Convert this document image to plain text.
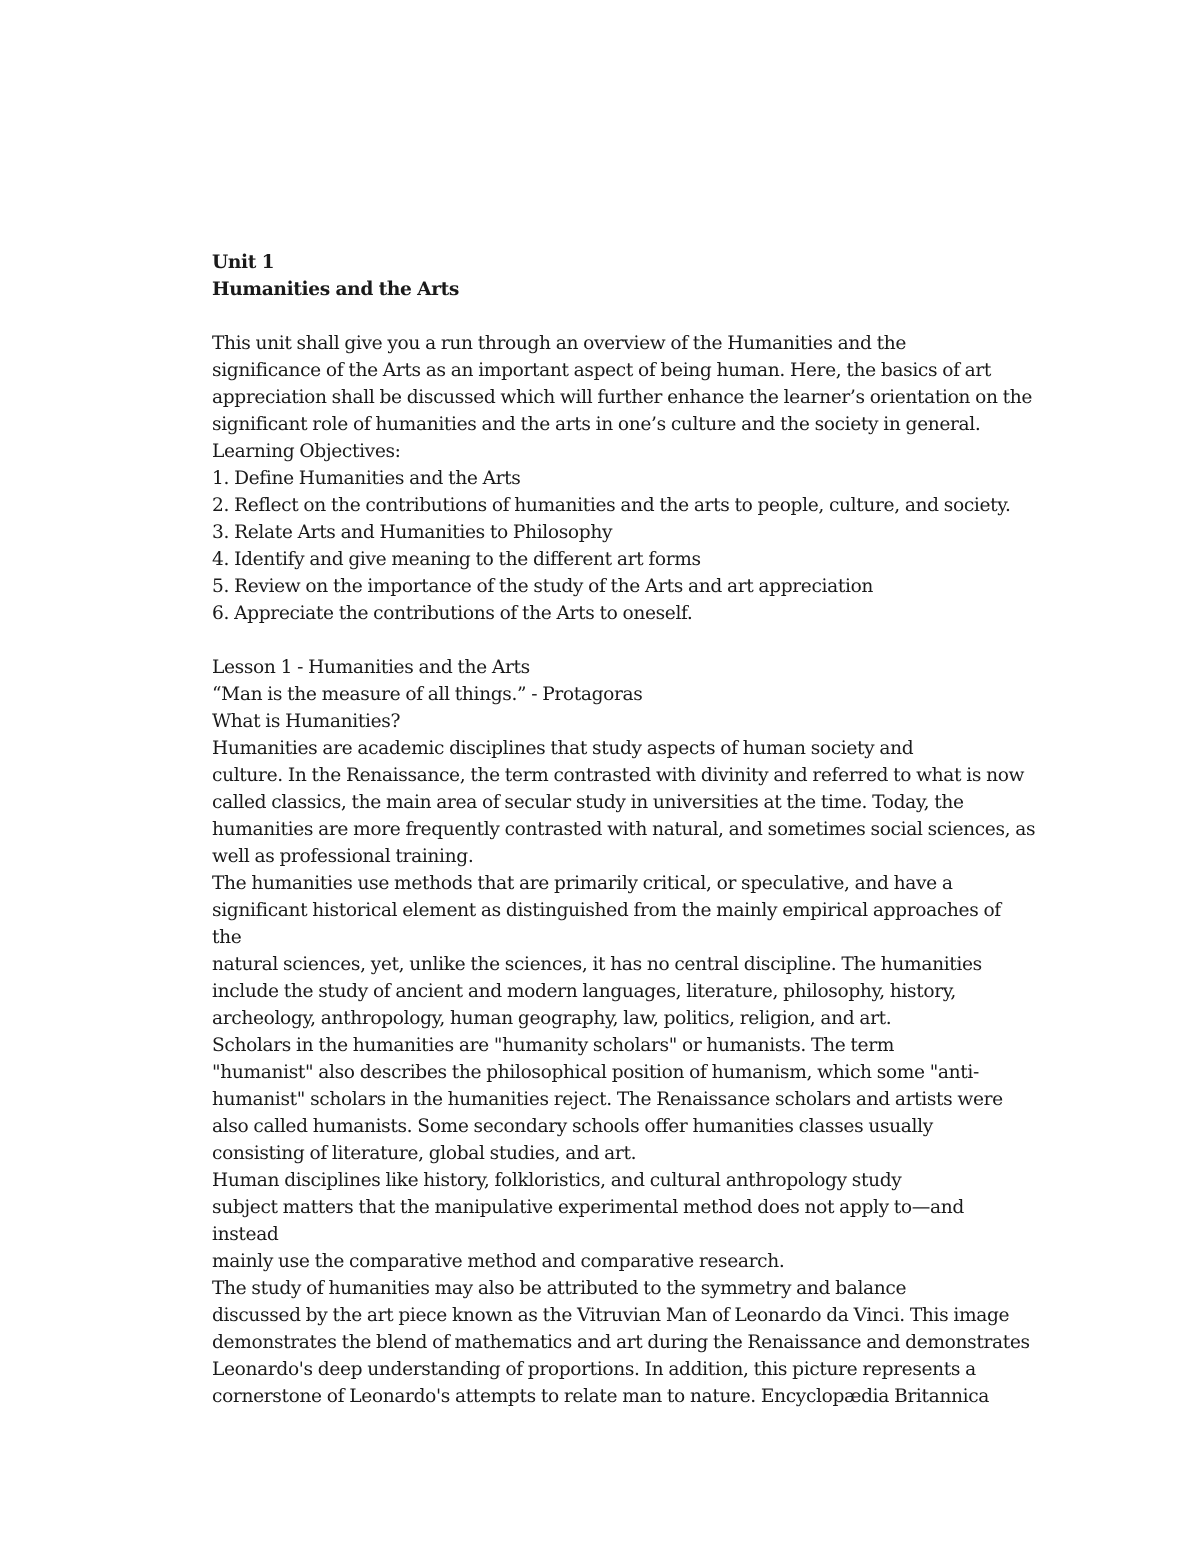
Unit 1
Humanities and the Arts
This unit shall give you a run through an overview of the Humanities and the
significance of the Arts as an important aspect of being human. Here, the basics of art
appreciation shall be discussed which will further enhance the learner’s orientation on the
significant role of humanities and the arts in one’s culture and the society in general.
Learning Objectives:
1. Define Humanities and the Arts
2. Reflect on the contributions of humanities and the arts to people, culture, and society.
3. Relate Arts and Humanities to Philosophy
4. Identify and give meaning to the different art forms
5. Review on the importance of the study of the Arts and art appreciation
6. Appreciate the contributions of the Arts to oneself.
Lesson 1 - Humanities and the Arts
“Man is the measure of all things.” - Protagoras
What is Humanities?
Humanities are academic disciplines that study aspects of human society and
culture. In the Renaissance, the term contrasted with divinity and referred to what is now
called classics, the main area of secular study in universities at the time. Today, the
humanities are more frequently contrasted with natural, and sometimes social sciences, as
well as professional training.
The humanities use methods that are primarily critical, or speculative, and have a
significant historical element as distinguished from the mainly empirical approaches of
the
natural sciences, yet, unlike the sciences, it has no central discipline. The humanities
include the study of ancient and modern languages, literature, philosophy, history,
archeology, anthropology, human geography, law, politics, religion, and art.
Scholars in the humanities are "humanity scholars" or humanists. The term
"humanist" also describes the philosophical position of humanism, which some "anti-
humanist" scholars in the humanities reject. The Renaissance scholars and artists were
also called humanists. Some secondary schools offer humanities classes usually
consisting of literature, global studies, and art.
Human disciplines like history, folkloristics, and cultural anthropology study
subject matters that the manipulative experimental method does not apply to—and
instead
mainly use the comparative method and comparative research.
The study of humanities may also be attributed to the symmetry and balance
discussed by the art piece known as the Vitruvian Man of Leonardo da Vinci. This image
demonstrates the blend of mathematics and art during the Renaissance and demonstrates
Leonardo's deep understanding of proportions. In addition, this picture represents a
cornerstone of Leonardo's attempts to relate man to nature. Encyclopædia Britannica
